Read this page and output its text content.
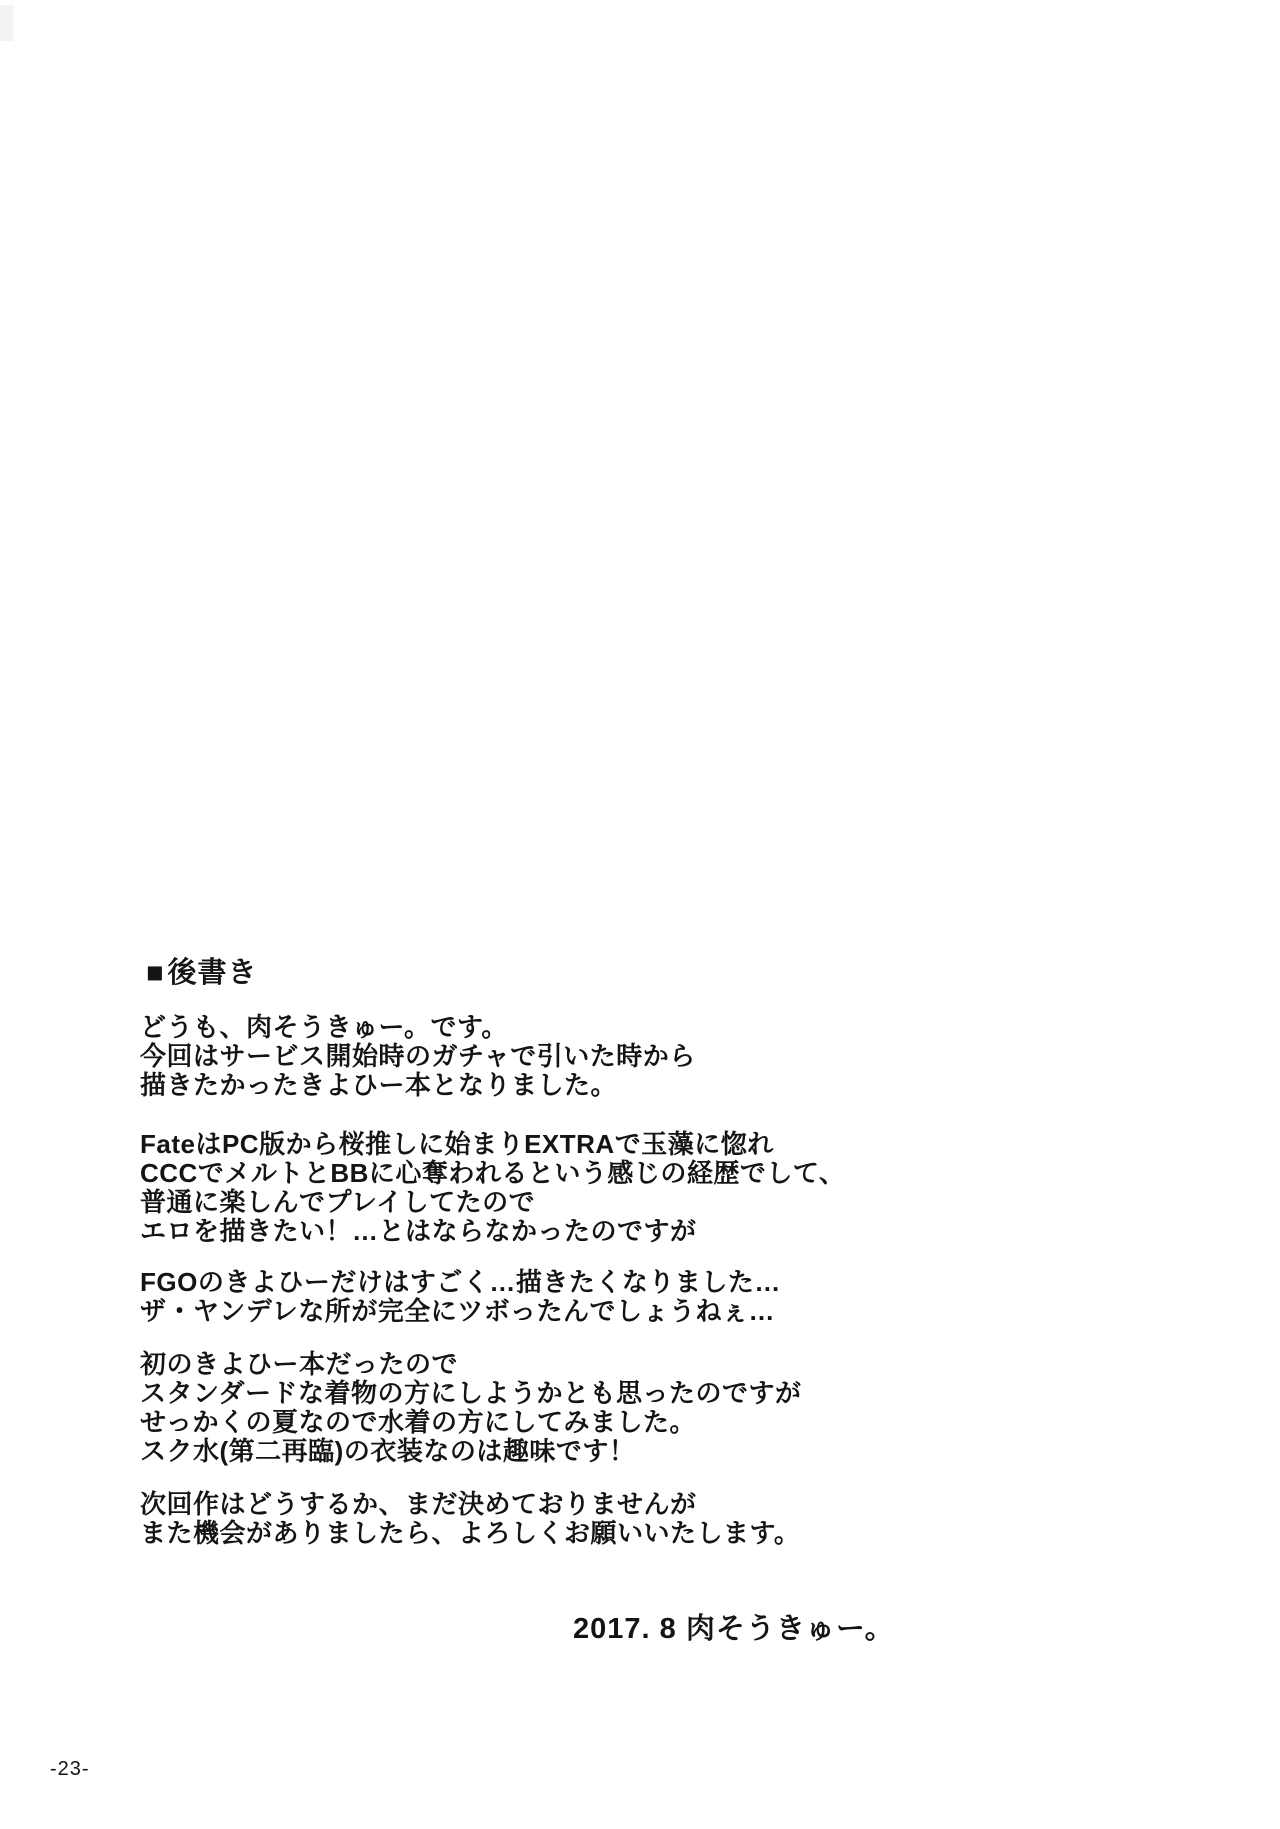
■ 後書き
どうも、肉そうきゅー。です。
今回はサービス開始時のガチャで引いた時から
描きたかったきよひー本となりました。
FateはPC版から桜推しに始まりEXTRAで玉藻に惚れ
CCCでメルトとBBに心奪われるという感じの経歴でして、
普通に楽しんでプレイしてたので
エロを描きたい！…とはならなかったのですが
FGOのきよひーだけはすごく…描きたくなりました…
ザ・ヤンデレな所が完全にツボったんでしょうねぇ…
初のきよひー本だったので
スタンダードな着物の方にしようかとも思ったのですが
せっかくの夏なので水着の方にしてみました。
スク水(第二再臨)の衣装なのは趣味です！
次回作はどうするか、まだ決めておりませんが
また機会がありましたら、よろしくお願いいたします。
2017. 8 肉そうきゅー。
-23-
